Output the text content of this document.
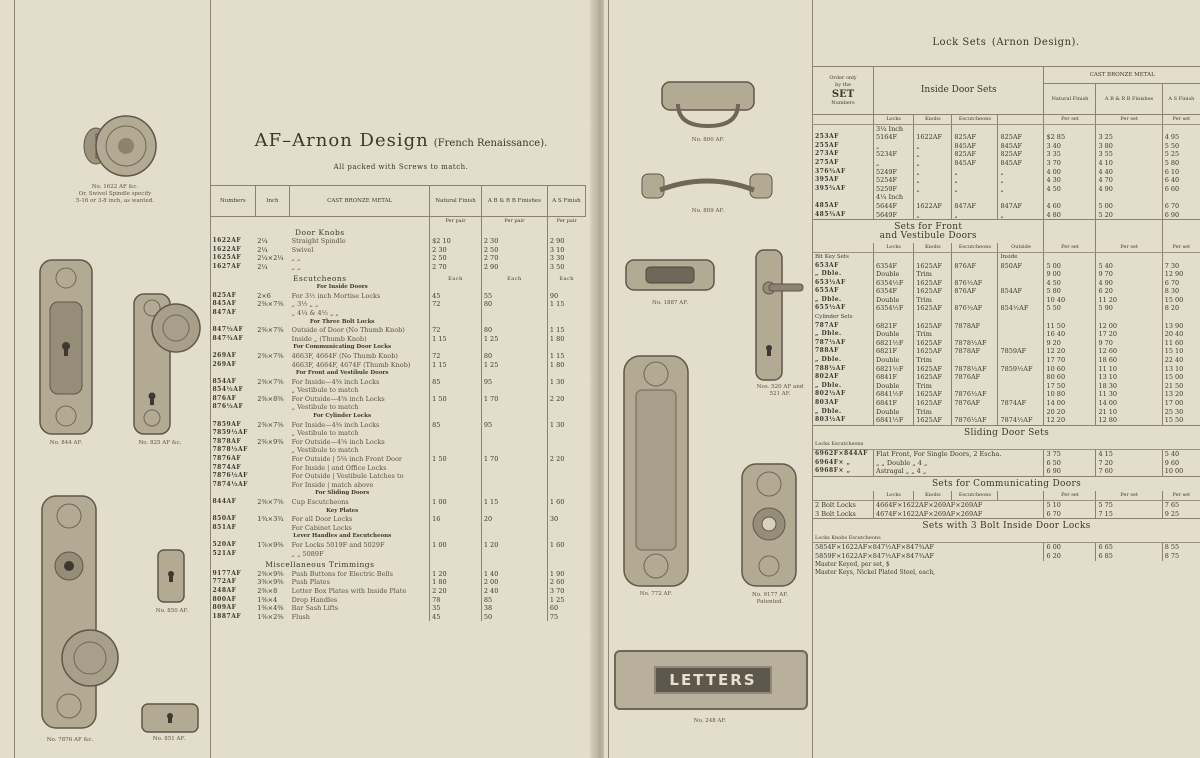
No. 1622 AF &c.
Or, Swivel Spindle specify
5-16 or 3-8 inch, as wanted.
No. 844 AF.	No. 825 AF &c.
No. 7876 AF &c.
No. 850 AF.
No. 851 AF.
AF–Arnon Design (French Renaissance).
All packed with Screws to match.
Numbers	Inch	CAST BRONZE METAL	Natural Finish	A B & R B Finishes	A S Finish
			Per pair	Per pair	Per pair
Door Knobs					
1622AF	2¼	Straight Spindle	$2 10	2 30	2 90
1622AF	2¼	Swivel	2 30	2 50	3 10
1625AF	2¼×2¼	„ „	2 50	2 70	3 30
1627AF	2¼	„ „	2 70	2 90	3 50
Escutcheons			Each	Each	Each
	For Inside Doors				
825AF	2×6	For 3½ inch Mortise Locks	45	55	90
845AF	2⅜×7⅜	„ 3½ „ „	72	80	1 15
847AF		„ 4¼ & 4½ „ „			
	For Three Bolt Locks				
847½AF	2⅜×7⅜	Outside of Door (No Thumb Knob)	72	80	1 15
847¾AF		Inside „ (Thumb Knob)	1 15	1 25	1 80
	For Communicating Door Locks				
269AF	2⅜×7⅜	4663F, 4664F (No Thumb Knob)	72	80	1 15
269AF		4663F, 4664F, 4674F (Thumb Knob)	1 15	1 25	1 80
	For Front and Vestibule Doors				
854AF	2⅜×7⅜	For Inside—4⅝ inch Locks	85	95	1 30
854½AF		„ Vestibule to match			
876AF	2⅜×8⅜	For Outside—4⅝ inch Locks	1 50	1 70	2 20
876½AF		„ Vestibule to match			
	For Cylinder Locks				
7859AF	2⅜×7⅜	For Inside—4⅝ inch Locks	85	95	1 30
7859½AF		„ Vestibule to match			
7878AF	2⅜×9⅜	For Outside—4⅝ inch Locks			
7878½AF		„ Vestibule to match			
7876AF		For Outside | 5⅝ inch Front Door	1 50	1 70	2 20
7874AF		For Inside | and Office Locks			
7876½AF		For Outside | Vestibule Latches to			
7874½AF		For Inside | match above			
	For Sliding Doors				
844AF	2⅜×7⅜	Cup Escutcheons	1 00	1 15	1 60
	Key Plates				
850AF	1¾×3¾	For all Door Locks	16	20	30
851AF		For Cabinet Locks			
	Lever Handles and Escutcheons				
520AF	1⅞×9⅜	For Locks 5019F and 5029F	1 00	1 20	1 60
521AF		„ „ 5089F			
Miscellaneous Trimmings					
9177AF	2⅜×9⅜	Push Buttons for Electric Bells	1 20	1 40	1 90
772AF	3⅜×9⅜	Push Plates	1 80	2 00	2 60
248AF	2⅜×8	Letter Box Plates with Inside Plate	2 20	2 40	3 70
800AF	1⅜×4	Drop Handles	78	85	1 25
809AF	1⅜×4⅜	Bar Sash Lifts	35	38	60
1887AF	1⅜×2⅜	Flush	45	50	75
No. 800 AF.
No. 809 AF.
No. 1887 AF.
Nos. 520 AF and
521 AF.
No. 772 AF.	No. 9177 AF.
Patented.
LETTERS
No. 248 AF.
Lock Sets (Arnon Design).
Order only
by the
SET
Numbers	Inside Door Sets				CAST BRONZE METAL		
					Natural Finish	A B & R B Finishes	A S Finish
	Locks	Knobs	Escutcheons		Per set	Per set	Per set
	3¼ Inch						
253AF	5164F	1622AF	825AF	825AF	$2 85	3 25	4 95
255AF	„	„	845AF	845AF	3 40	3 80	5 50
273AF	5234F	„	825AF	825AF	3 35	3 55	5 25
275AF	„	„	845AF	845AF	3 70	4 10	5 80
376¾AF	5249F	„	„	„	4 00	4 40	6 10
395AF	5254F	„	„	„	4 30	4 70	6 40
395¾AF	5259F	„	„	„	4 50	4 90	6 60
	4¼ Inch						
485AF	5644F	1622AF	847AF	847AF	4 60	5 00	6 70
485¾AF	5649F	„	„	„	4 80	5 20	6 90

Sets for Front
and Vestibule Doors							

	Locks	Knobs	Escutcheons	Outside	Per set	Per set	Per set
Bit Key Sets				Inside			
653AF	6354F	1625AF	876AF	850AF	5 00	5 40	7 30
„ Dble.	Double	Trim			9 00	9 70	12 90
653½AF	6354½F	1625AF	876½AF		4 50	4 90	6 70
655AF	6354F	1625AF	876AF	854AF	5 80	6 20	8 30
„ Dble.	Double	Trim			10 40	11 20	15 00
655½AF	6354½F	1625AF	876½AF	854½AF	5 50	5 90	8 20
Cylinder Sets							
787AF	6821F	1625AF	7878AF		11 50	12 00	13 90
„ Dble.	Double	Trim			16 40	17 20	20 40
787½AF	6821½F	1625AF	7878½AF		9 20	9 70	11 60
788AF	6821F	1625AF	7878AF	7859AF	12 20	12 60	15 10
„ Dble.	Double	Trim			17 70	18 60	22 40
788½AF	6821½F	1625AF	7878½AF	7859½AF	10 60	11 10	13 10
802AF	6841F	1625AF	7876AF		80 60	13 10	15 00
„ Dble.	Double	Trim			17 50	18 30	21 50
802½AF	6841½F	1625AF	7876½AF		10 80	11 30	13 20
803AF	6841F	1625AF	7876AF	7874AF	14 00	14 00	17 00
„ Dble.	Double	Trim			20 20	21 10	25 30
803½AF	6841½F	1625AF	7876½AF	7874½AF	12 20	12 80	15 50
Sliding Door Sets							
Locks Escutcheons							
6962F×844AF	Flat Front, For Single Doors, 2 Escha.				3 75	4 15	5 40
6964F× „	„ „ Double „ 4 „				6 50	7 20	9 60
6968F× „	Astragal „ „ 4 „				6 90	7 60	10 00
Sets for Communicating Doors							
	Locks	Knobs	Escutcheons		Per set	Per set	Per set
2 Bolt Locks	4664F×1622AF×269AF×269AF				5 10	5 75	7 65
3 Bolt Locks	4674F×1622AF×269AF×269AF				6 70	7 15	9 25
Sets with 3 Bolt Inside Door Locks							
Locks Knobs Escutcheons							
5854F×1622AF×847½AF×847¾AF					6 00	6 65	8 55
5859F×1622AF×847½AF×847¾AF					6 20	6 85	8 75
Master Keyed, per set, $							
Master Keys, Nickel Plated Steel, each,							
